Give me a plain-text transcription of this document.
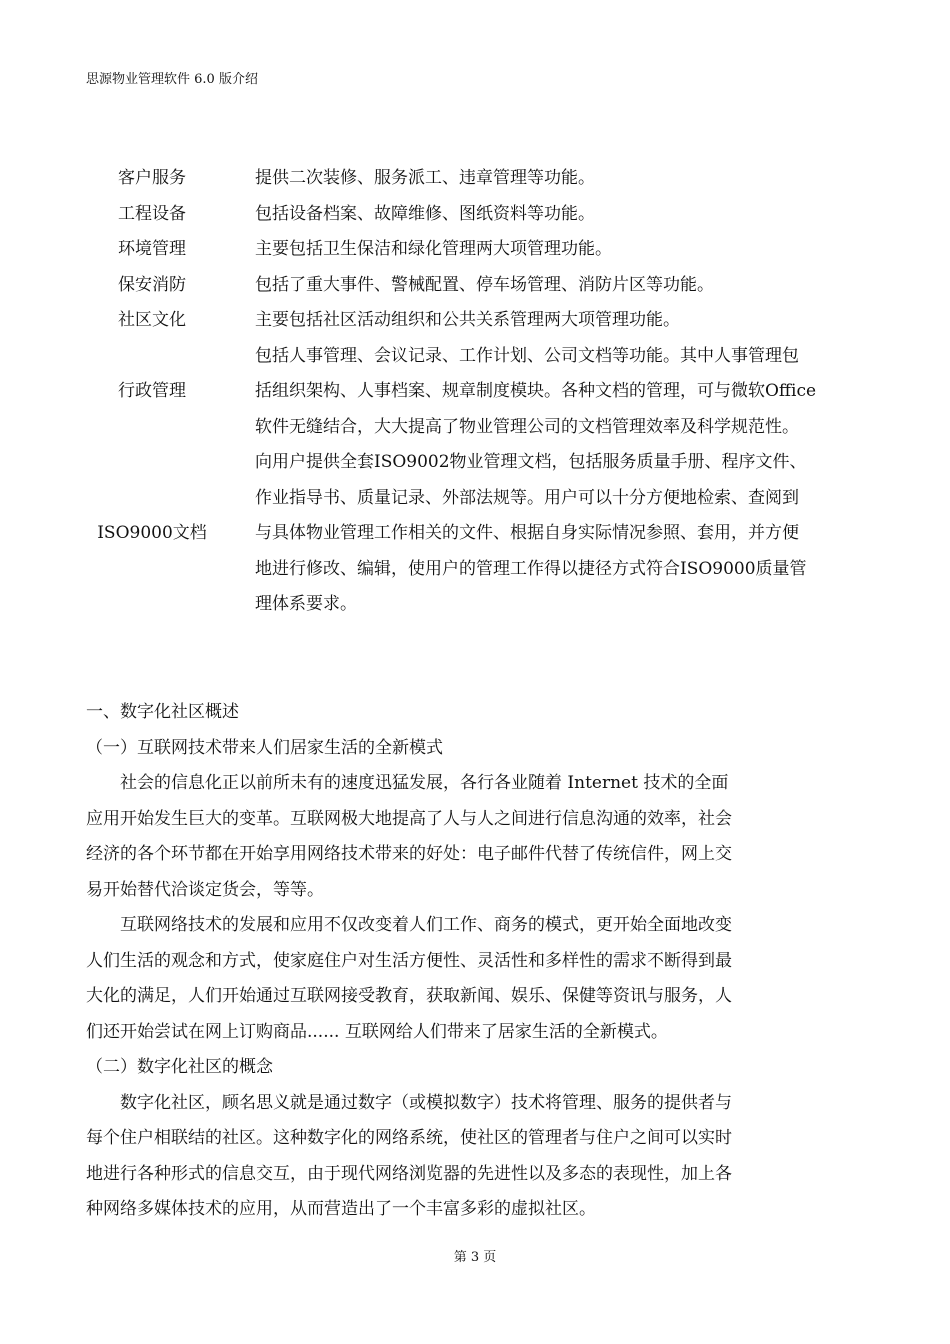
思源物业管理软件 6.0 版介绍
客户服务		提供二次装修、服务派工、违章管理等功能。
工程设备		包括设备档案、故障维修、图纸资料等功能。
环境管理		主要包括卫生保洁和绿化管理两大项管理功能。
保安消防		包括了重大事件、警械配置、停车场管理、消防片区等功能。
社区文化		主要包括社区活动组织和公共关系管理两大项管理功能。
行政管理		包括人事管理、会议记录、工作计划、公司文档等功能。其中人事管理包
括组织架构、人事档案、规章制度模块。各种文档的管理，可与微软Office
软件无缝结合，大大提高了物业管理公司的文档管理效率及科学规范性。
ISO9000文档		向用户提供全套ISO9002物业管理文档，包括服务质量手册、程序文件、
作业指导书、质量记录、外部法规等。用户可以十分方便地检索、查阅到
与具体物业管理工作相关的文件、根据自身实际情况参照、套用，并方便
地进行修改、编辑，使用户的管理工作得以捷径方式符合ISO9000质量管
理体系要求。

一、数字化社区概述

（一）互联网技术带来人们居家生活的全新模式

社会的信息化正以前所未有的速度迅猛发展，各行各业随着 Internet 技术的全面
应用开始发生巨大的变革。互联网极大地提高了人与人之间进行信息沟通的效率，社会
经济的各个环节都在开始享用网络技术带来的好处：电子邮件代替了传统信件，网上交
易开始替代洽谈定货会，等等。

互联网络技术的发展和应用不仅改变着人们工作、商务的模式，更开始全面地改变
人们生活的观念和方式，使家庭住户对生活方便性、灵活性和多样性的需求不断得到最
大化的满足，人们开始通过互联网接受教育，获取新闻、娱乐、保健等资讯与服务，人
们还开始尝试在网上订购商品...... 互联网给人们带来了居家生活的全新模式。

（二）数字化社区的概念

数字化社区，顾名思义就是通过数字（或模拟数字）技术将管理、服务的提供者与
每个住户相联结的社区。这种数字化的网络系统，使社区的管理者与住户之间可以实时
地进行各种形式的信息交互，由于现代网络浏览器的先进性以及多态的表现性，加上各
种网络多媒体技术的应用，从而营造出了一个丰富多彩的虚拟社区。

第 3 页
